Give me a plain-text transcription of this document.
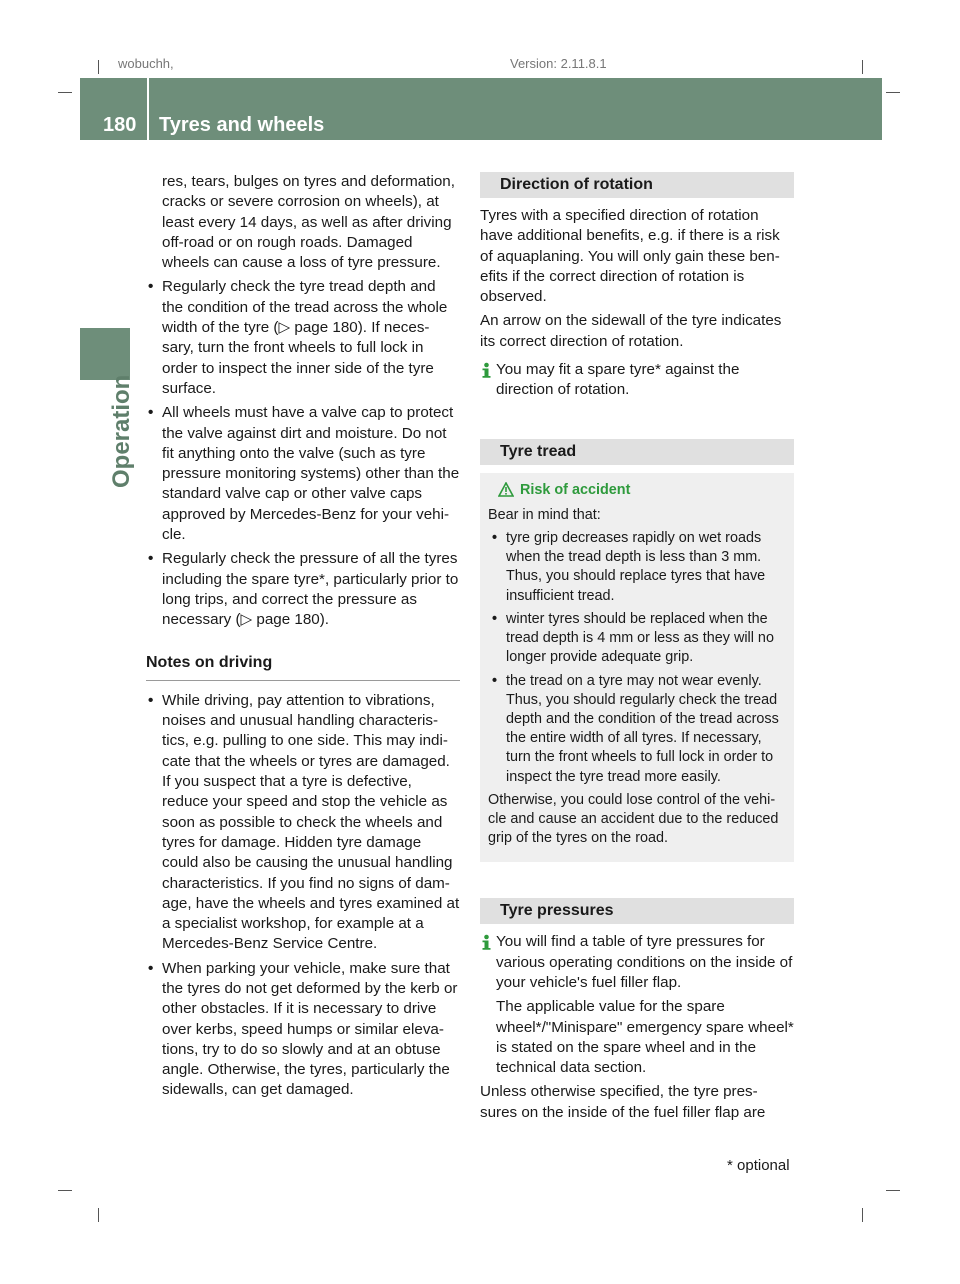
wobuchh,	Version: 2.11.8.1
180 Tyres and wheels
Operation

res, tears, bulges on tyres and deformation, cracks or severe corrosion on wheels), at least every 14 days, as well as after driving off-road or on rough roads. Damaged wheels can cause a loss of tyre pressure.

• Regularly check the tyre tread depth and the condition of the tread across the whole width of the tyre (▷ page 180). If neces-sary, turn the front wheels to full lock in order to inspect the inner side of the tyre surface.
• All wheels must have a valve cap to protect the valve against dirt and moisture. Do not fit anything onto the valve (such as tyre pressure monitoring systems) other than the standard valve cap or other valve caps approved by Mercedes-Benz for your vehi-cle.
• Regularly check the pressure of all the tyres including the spare tyre*, particularly prior to long trips, and correct the pressure as necessary (▷ page 180).
Notes on driving
• While driving, pay attention to vibrations, noises and unusual handling characteris-tics, e.g. pulling to one side. This may indi-cate that the wheels or tyres are damaged. If you suspect that a tyre is defective, reduce your speed and stop the vehicle as soon as possible to check the wheels and tyres for damage. Hidden tyre damage could also be causing the unusual handling characteristics. If you find no signs of dam-age, have the wheels and tyres examined at a specialist workshop, for example at a Mercedes-Benz Service Centre.
• When parking your vehicle, make sure that the tyres do not get deformed by the kerb or other obstacles. If it is necessary to drive over kerbs, speed humps or similar eleva-tions, try to do so slowly and at an obtuse angle. Otherwise, the tyres, particularly the sidewalls, can get damaged.
Direction of rotation

Tyres with a specified direction of rotation have additional benefits, e.g. if there is a risk of aquaplaning. You will only gain these ben-efits if the correct direction of rotation is observed.

An arrow on the sidewall of the tyre indicates its correct direction of rotation.

You may fit a spare tyre* against the direction of rotation.
Tyre tread
Risk of accident

Bear in mind that:

• tyre grip decreases rapidly on wet roads when the tread depth is less than 3 mm. Thus, you should replace tyres that have insufficient tread.
• winter tyres should be replaced when the tread depth is 4 mm or less as they will no longer provide adequate grip.
• the tread on a tyre may not wear evenly. Thus, you should regularly check the tread depth and the condition of the tread across the entire width of all tyres. If necessary, turn the front wheels to full lock in order to inspect the tyre tread more easily.

Otherwise, you could lose control of the vehi-cle and cause an accident due to the reduced grip of the tyres on the road.

Tyre pressures
You will find a table of tyre pressures for various operating conditions on the inside of your vehicle's fuel filler flap.

The applicable value for the spare wheel*/"Minispare" emergency spare wheel* is stated on the spare wheel and in the technical data section.

Unless otherwise specified, the tyre pres-sures on the inside of the fuel filler flap are

* optional
